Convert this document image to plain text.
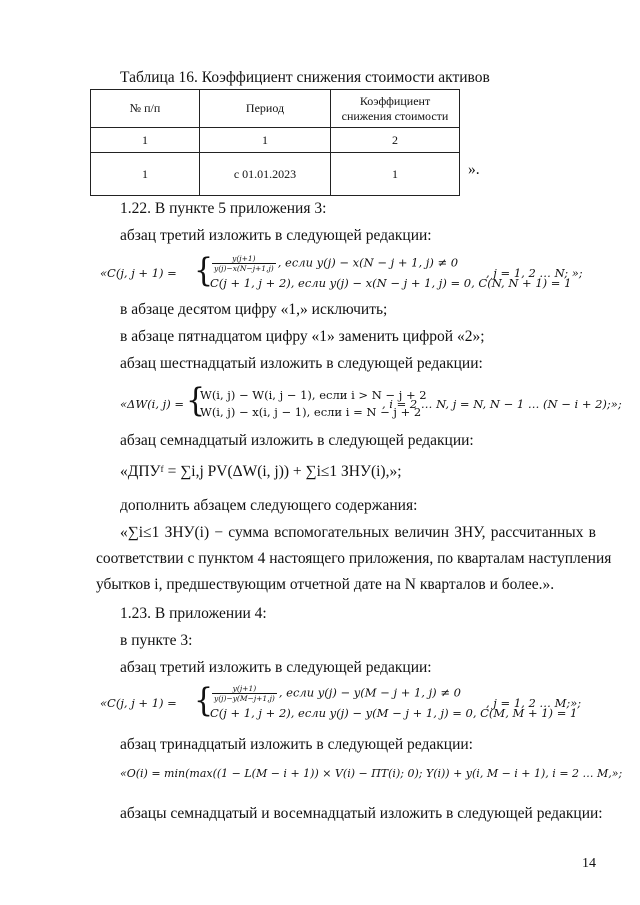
Таблица 16. Коэффициент снижения стоимости активов
№ п/п	Период	Коэффициент снижения стоимости
1	1	2
1	с 01.01.2023	1	».
1.22. В пункте 5 приложения 3:
абзац третий изложить в следующей редакции:
«C(j, j + 1) = {
$\frac{y(j+1)}{y(j)-x(N-j+1,j)}$ , если y(j) − x(N − j + 1, j) ≠ 0
C(j + 1, j + 2), если y(j) − x(N − j + 1, j) = 0, C(N, N + 1) = 1
, j = 1, 2 … N; »;
в абзаце десятом цифру «1,» исключить;
в абзаце пятнадцатом цифру «1» заменить цифрой «2»;
абзац шестнадцатый изложить в следующей редакции:
«ΔW(i, j) = {
W(i, j) − W(i, j − 1), если i > N − j + 2
W(i, j) − x(i, j − 1), если i = N − j + 2
, i = 2 … N, j = N, N − 1 … (N − i + 2);»;
абзац семнадцатый изложить в следующей редакции:
«ДПУᶠ = ∑i,j PV(ΔW(i, j)) + ∑i≤1 ЗНУ(i),»;
дополнить абзацем следующего содержания:
«∑i≤1 ЗНУ(i) − сумма вспомогательных величин ЗНУ, рассчитанных в
соответствии с пунктом 4 настоящего приложения, по кварталам наступления
убытков i, предшествующим отчетной дате на N кварталов и более.».
1.23. В приложении 4:
в пункте 3:
абзац третий изложить в следующей редакции:
«C(j, j + 1) = {
$\frac{y(j+1)}{y(j)-y(M-j+1,j)}$ , если y(j) − y(M − j + 1, j) ≠ 0
C(j + 1, j + 2), если y(j) − y(M − j + 1, j) = 0, C(M, M + 1) = 1
, j = 1, 2 … M;»;
абзац тринадцатый изложить в следующей редакции:
«O(i) = min(max((1 − L(M − i + 1)) × V(i) − ПТ(i); 0); Y(i)) + y(i, M − i + 1), i = 2 … M,»;
абзацы семнадцатый и восемнадцатый изложить в следующей редакции:
14
